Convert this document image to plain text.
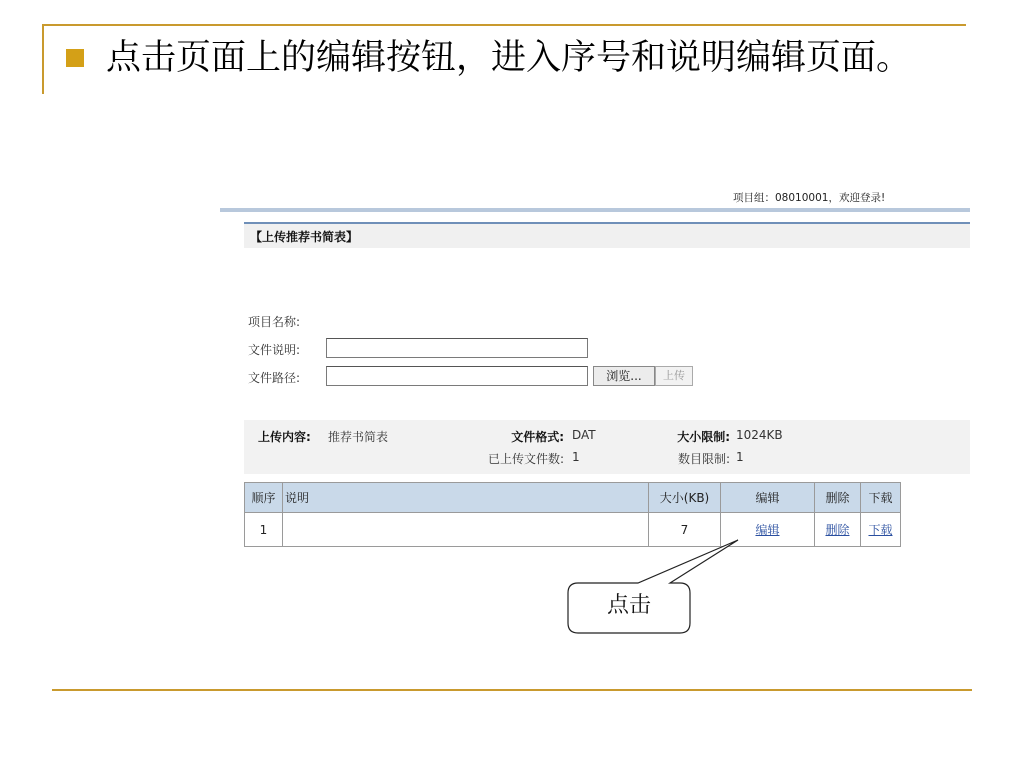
点击页面上的编辑按钮，进入序号和说明编辑页面。
项目组：08010001，欢迎登录!
【上传推荐书简表】
项目名称:
文件说明:
文件路径:	浏览...	上传
上传内容: 推荐书简表	文件格式: DAT	大小限制: 1024KB
已上传文件数: 1	数目限制: 1
顺序	说明	大小(KB)	编辑	删除	下载
1		7	编辑	删除	下载
点击
